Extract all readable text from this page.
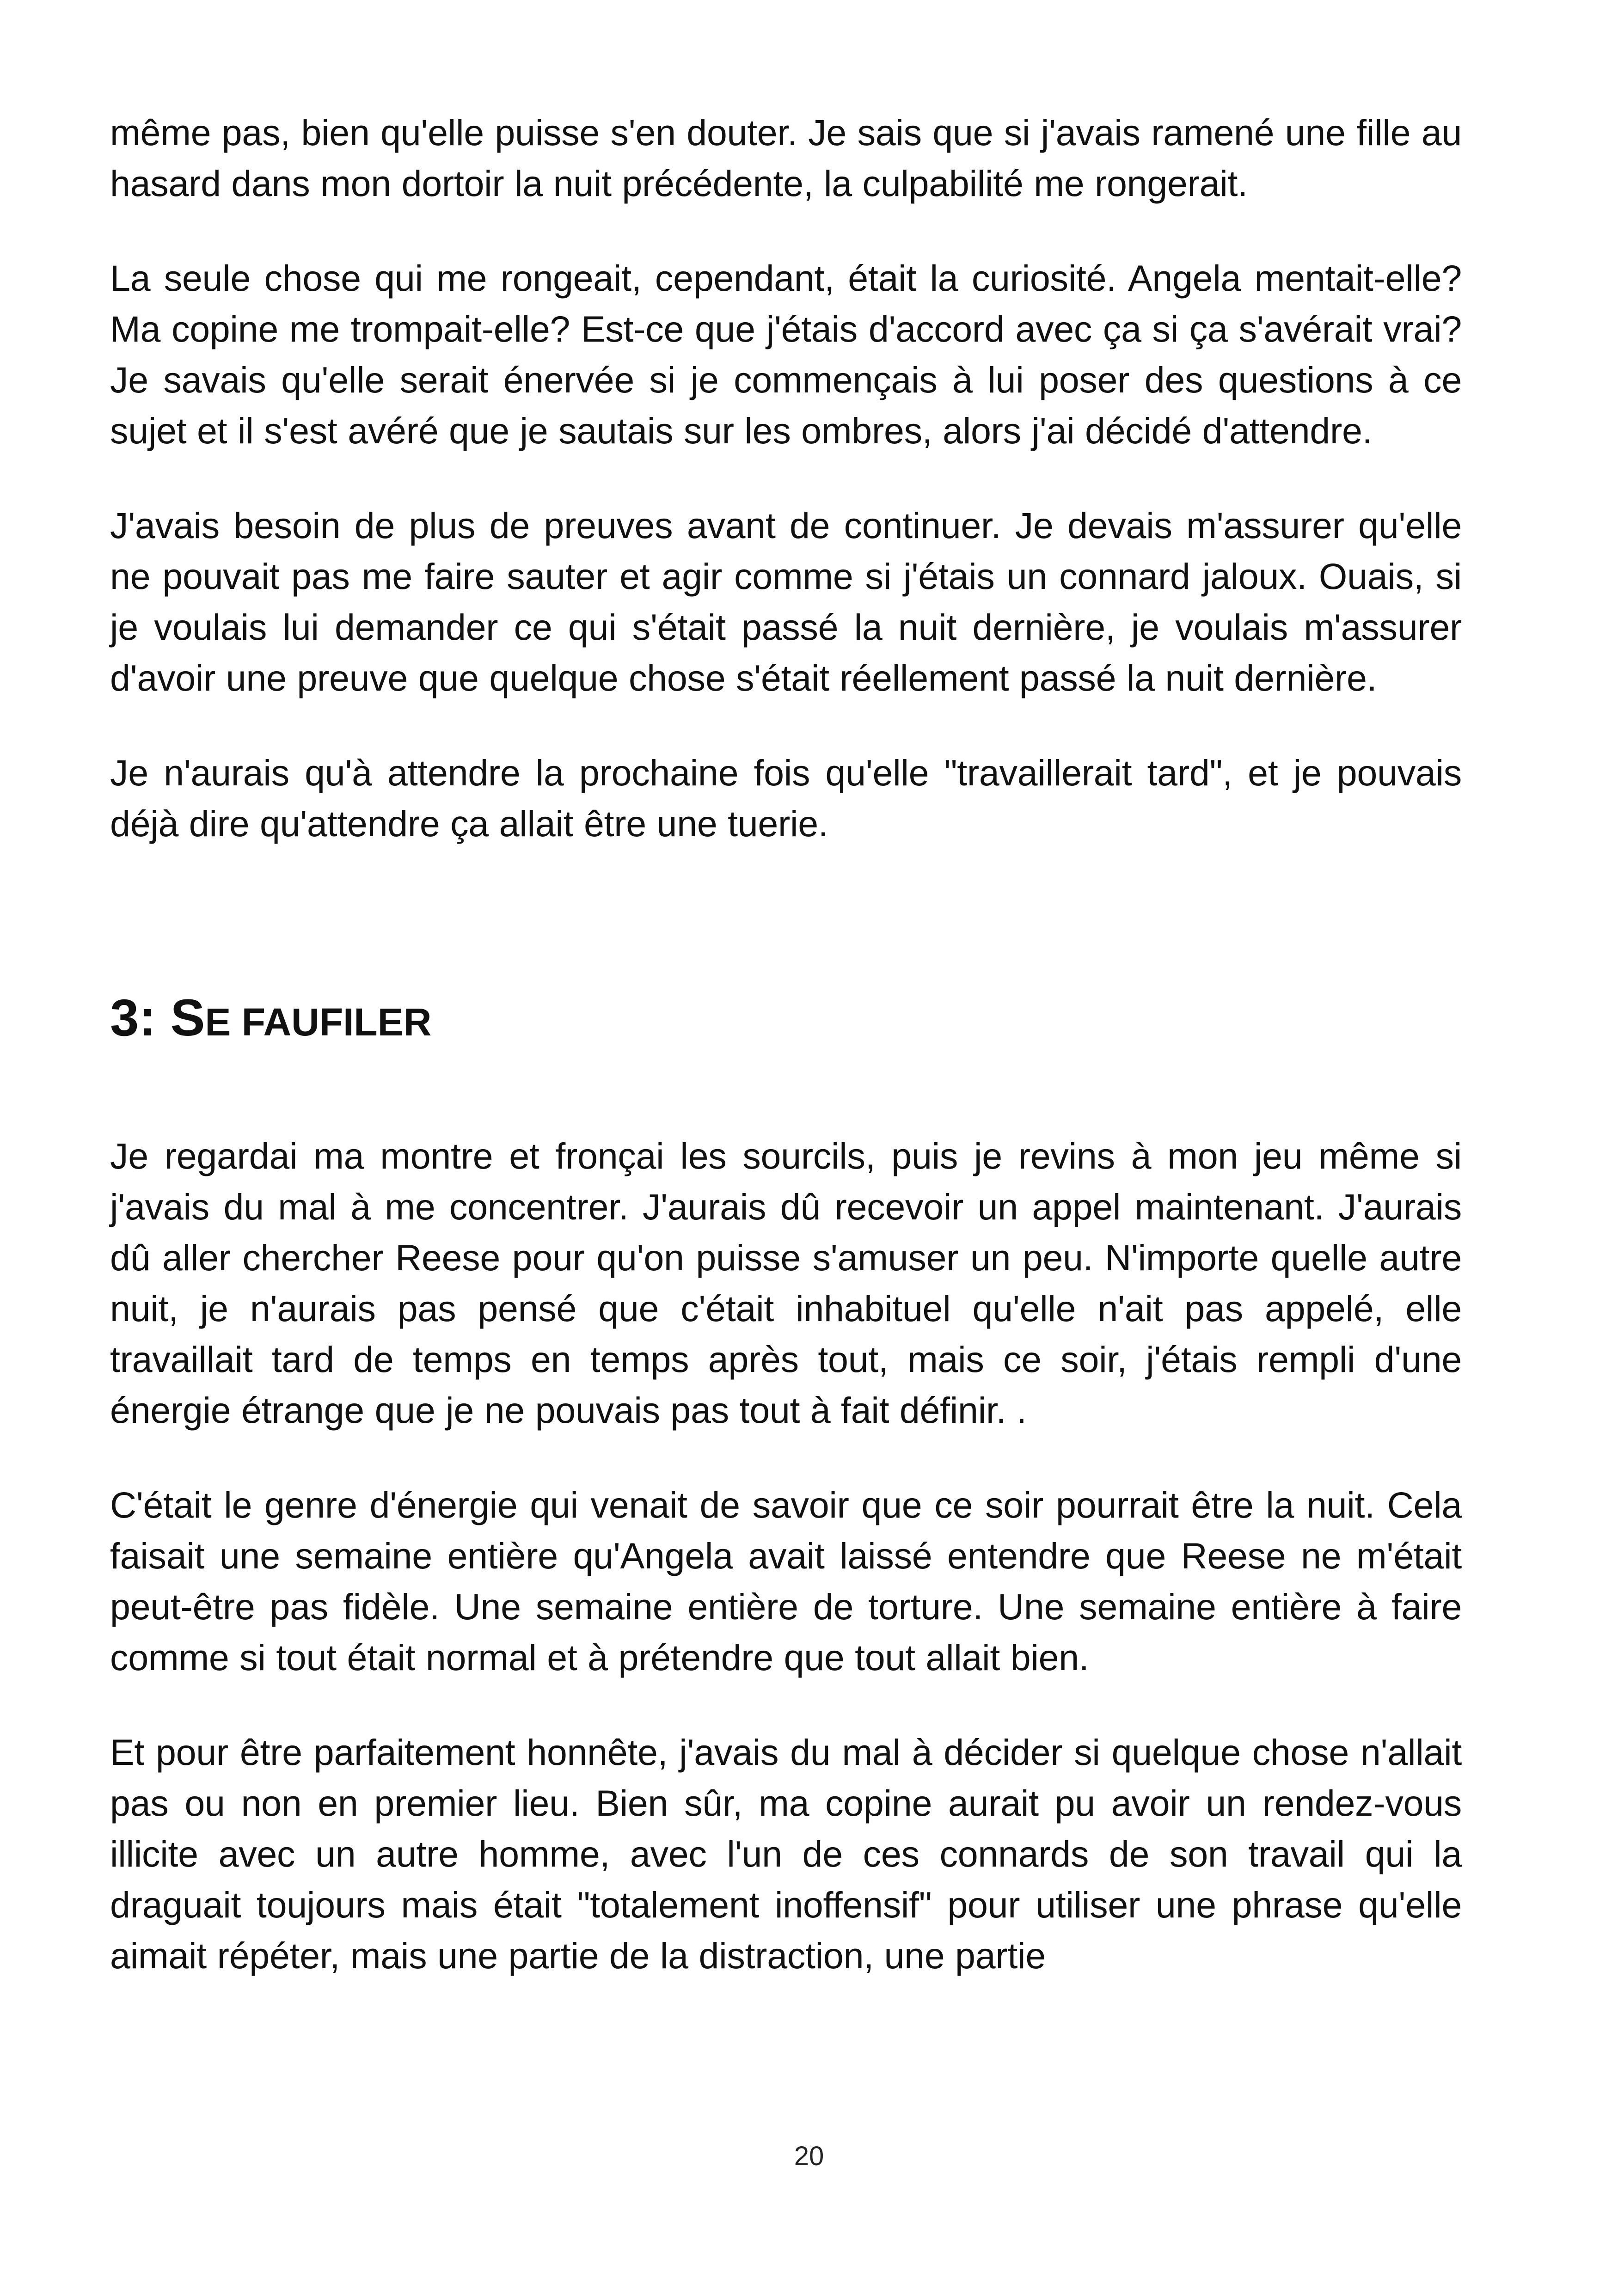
même pas, bien qu'elle puisse s'en douter. Je sais que si j'avais ramené une fille au hasard dans mon dortoir la nuit précédente, la culpabilité me rongerait.

La seule chose qui me rongeait, cependant, était la curiosité. Angela mentait-elle? Ma copine me trompait-elle? Est-ce que j'étais d'accord avec ça si ça s'avérait vrai? Je savais qu'elle serait énervée si je commençais à lui poser des questions à ce sujet et il s'est avéré que je sautais sur les ombres, alors j'ai décidé d'attendre.

J'avais besoin de plus de preuves avant de continuer. Je devais m'assurer qu'elle ne pouvait pas me faire sauter et agir comme si j'étais un connard jaloux. Ouais, si je voulais lui demander ce qui s'était passé la nuit dernière, je voulais m'assurer d'avoir une preuve que quelque chose s'était réellement passé la nuit dernière.

Je n'aurais qu'à attendre la prochaine fois qu'elle "travaillerait tard", et je pouvais déjà dire qu'attendre ça allait être une tuerie.

3: SE FAUFILER

Je regardai ma montre et fronçai les sourcils, puis je revins à mon jeu même si j'avais du mal à me concentrer. J'aurais dû recevoir un appel maintenant. J'aurais dû aller chercher Reese pour qu'on puisse s'amuser un peu. N'importe quelle autre nuit, je n'aurais pas pensé que c'était inhabituel qu'elle n'ait pas appelé, elle travaillait tard de temps en temps après tout, mais ce soir, j'étais rempli d'une énergie étrange que je ne pouvais pas tout à fait définir. .

C'était le genre d'énergie qui venait de savoir que ce soir pourrait être la nuit. Cela faisait une semaine entière qu'Angela avait laissé entendre que Reese ne m'était peut-être pas fidèle. Une semaine entière de torture. Une semaine entière à faire comme si tout était normal et à prétendre que tout allait bien.

Et pour être parfaitement honnête, j'avais du mal à décider si quelque chose n'allait pas ou non en premier lieu. Bien sûr, ma copine aurait pu avoir un rendez-vous illicite avec un autre homme, avec l'un de ces connards de son travail qui la draguait toujours mais était "totalement inoffensif" pour utiliser une phrase qu'elle aimait répéter, mais une partie de la distraction, une partie

20
